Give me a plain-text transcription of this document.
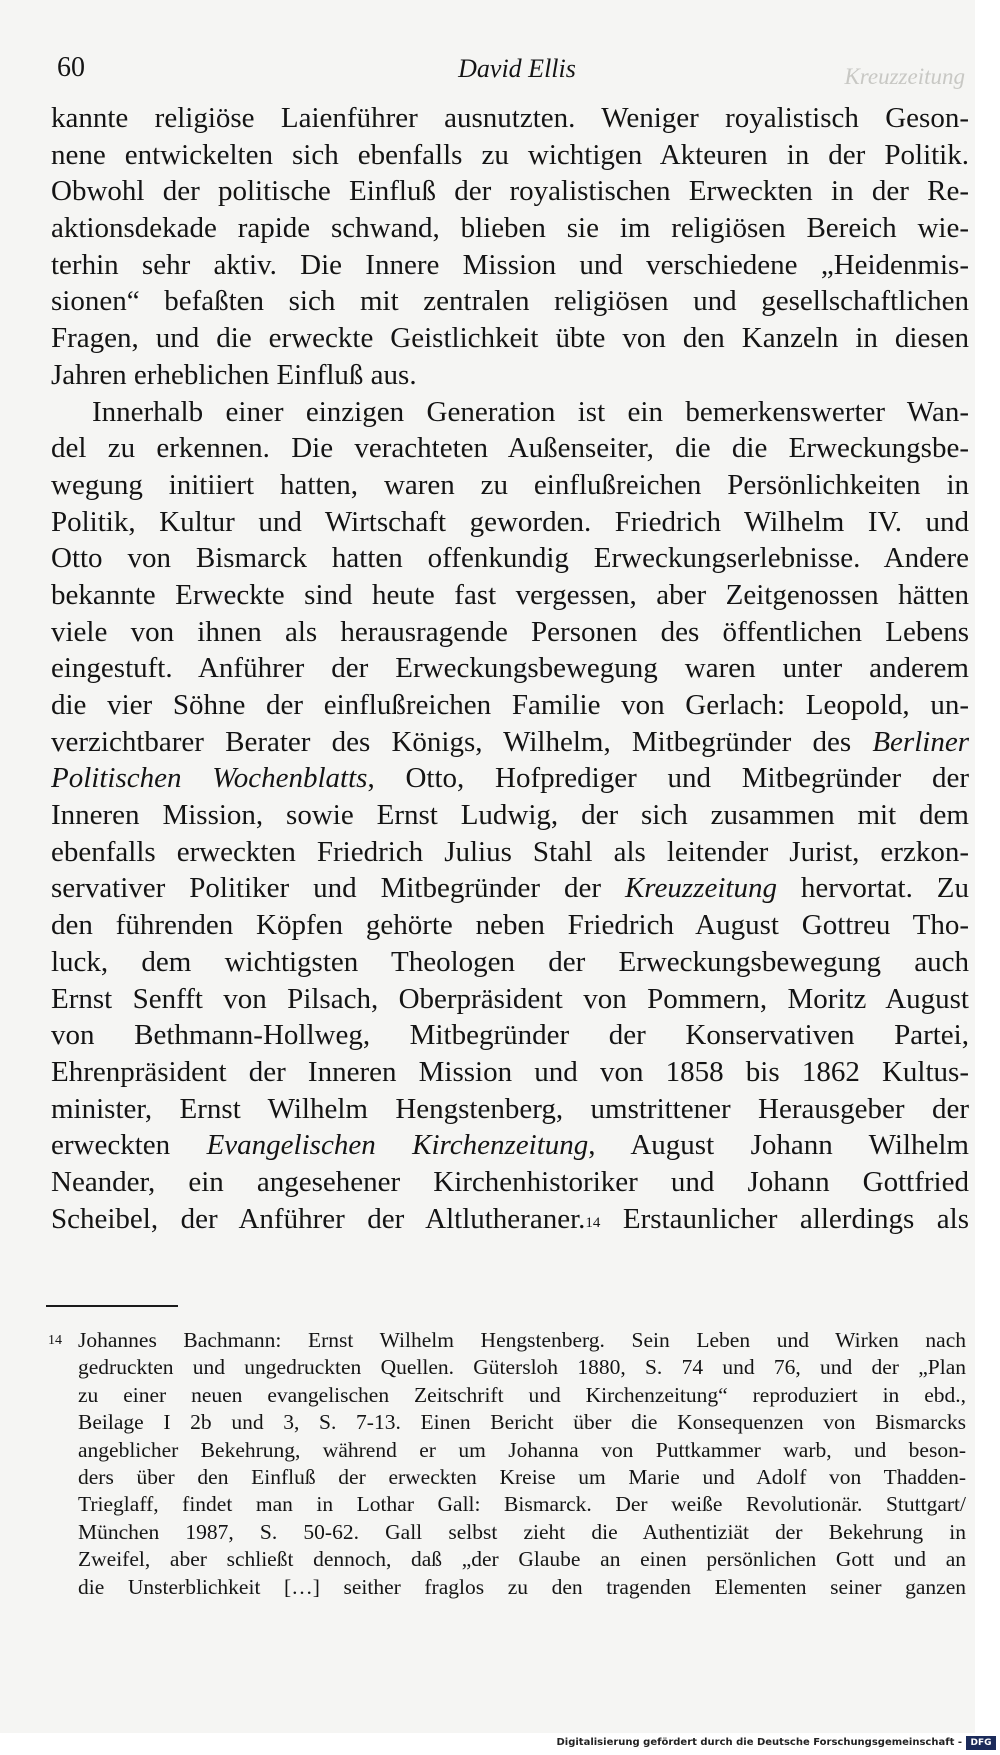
60	David Ellis	Kreuzzeitung
kannte religiöse Laienführer ausnutzten. Weniger royalistisch Geson-
nene entwickelten sich ebenfalls zu wichtigen Akteuren in der Politik.
Obwohl der politische Einfluß der royalistischen Erweckten in der Re-
aktionsdekade rapide schwand, blieben sie im religiösen Bereich wie-
terhin sehr aktiv. Die Innere Mission und verschiedene „Heidenmis-
sionen“ befaßten sich mit zentralen religiösen und gesellschaftlichen
Fragen, und die erweckte Geistlichkeit übte von den Kanzeln in diesen
Jahren erheblichen Einfluß aus.
Innerhalb einer einzigen Generation ist ein bemerkenswerter Wan-
del zu erkennen. Die verachteten Außenseiter, die die Erweckungsbe-
wegung initiiert hatten, waren zu einflußreichen Persönlichkeiten in
Politik, Kultur und Wirtschaft geworden. Friedrich Wilhelm IV. und
Otto von Bismarck hatten offenkundig Erweckungserlebnisse. Andere
bekannte Erweckte sind heute fast vergessen, aber Zeitgenossen hätten
viele von ihnen als herausragende Personen des öffentlichen Lebens
eingestuft. Anführer der Erweckungsbewegung waren unter anderem
die vier Söhne der einflußreichen Familie von Gerlach: Leopold, un-
verzichtbarer Berater des Königs, Wilhelm, Mitbegründer des Berliner
Politischen Wochenblatts, Otto, Hofprediger und Mitbegründer der
Inneren Mission, sowie Ernst Ludwig, der sich zusammen mit dem
ebenfalls erweckten Friedrich Julius Stahl als leitender Jurist, erzkon-
servativer Politiker und Mitbegründer der Kreuzzeitung hervortat. Zu
den führenden Köpfen gehörte neben Friedrich August Gottreu Tho-
luck, dem wichtigsten Theologen der Erweckungsbewegung auch
Ernst Senfft von Pilsach, Oberpräsident von Pommern, Moritz August
von Bethmann-Hollweg, Mitbegründer der Konservativen Partei,
Ehrenpräsident der Inneren Mission und von 1858 bis 1862 Kultus-
minister, Ernst Wilhelm Hengstenberg, umstrittener Herausgeber der
erweckten Evangelischen Kirchenzeitung, August Johann Wilhelm
Neander, ein angesehener Kirchenhistoriker und Johann Gottfried
Scheibel, der Anführer der Altlutheraner.$^{14}$ Erstaunlicher allerdings als
14 Johannes Bachmann: Ernst Wilhelm Hengstenberg. Sein Leben und Wirken nach
gedruckten und ungedruckten Quellen. Gütersloh 1880, S. 74 und 76, und der „Plan
zu einer neuen evangelischen Zeitschrift und Kirchenzeitung“ reproduziert in ebd.,
Beilage I 2b und 3, S. 7-13. Einen Bericht über die Konsequenzen von Bismarcks
angeblicher Bekehrung, während er um Johanna von Puttkammer warb, und beson-
ders über den Einfluß der erweckten Kreise um Marie und Adolf von Thadden-
Trieglaff, findet man in Lothar Gall: Bismarck. Der weiße Revolutionär. Stuttgart/
München 1987, S. 50-62. Gall selbst zieht die Authentiziät der Bekehrung in
Zweifel, aber schließt dennoch, daß „der Glaube an einen persönlichen Gott und an
die Unsterblichkeit […] seither fraglos zu den tragenden Elementen seiner ganzen
Digitalisierung gefördert durch die Deutsche Forschungsgemeinschaft - DFG
